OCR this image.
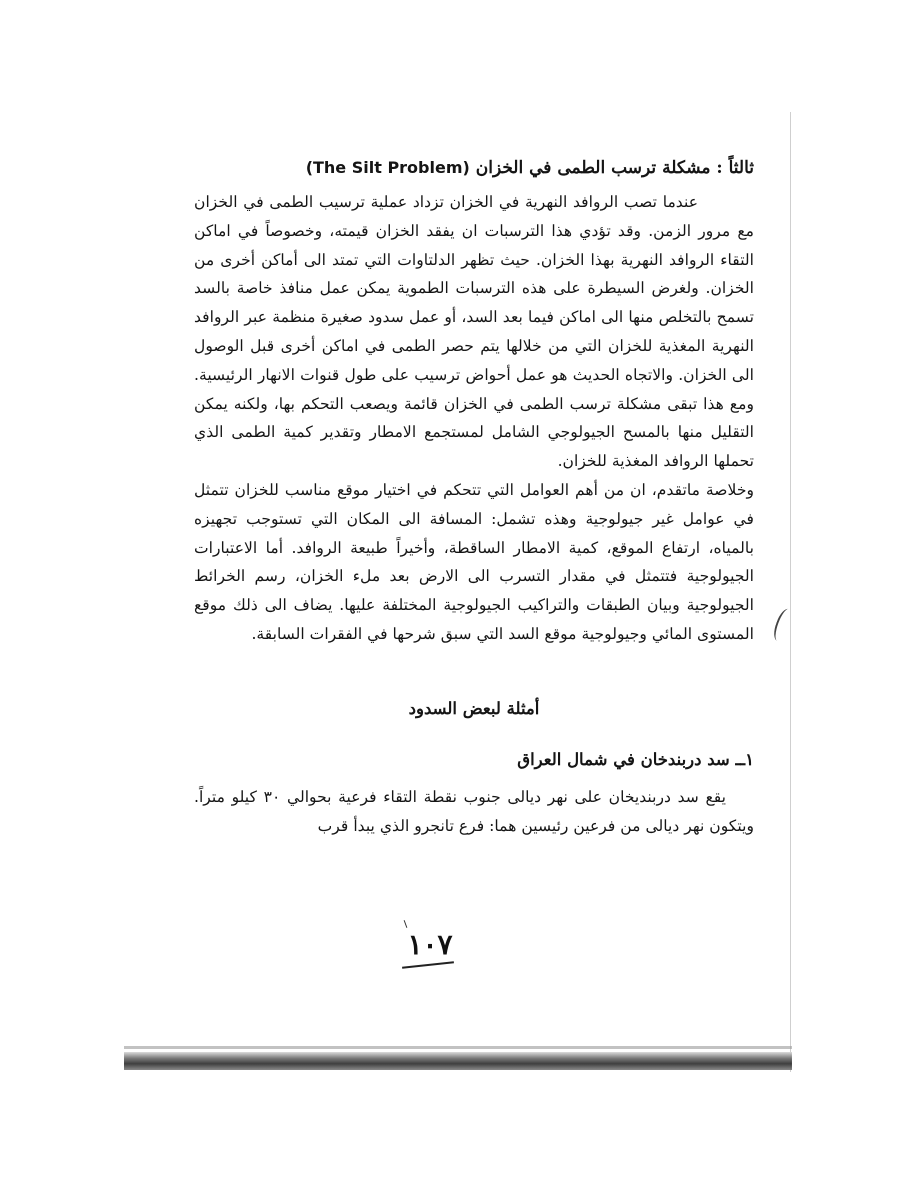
ثالثاً : مشكلة ترسب الطمى في الخزان (The Silt Problem)

عندما تصب الروافد النهرية في الخزان تزداد عملية ترسيب الطمى في الخزان مع مرور الزمن. وقد تؤدي هذا الترسبات ان يفقد الخزان قيمته، وخصوصاً في اماكن التقاء الروافد النهرية بهذا الخزان. حيث تظهر الدلتاوات التي تمتد الى أماكن أخرى من الخزان. ولغرض السيطرة على هذه الترسبات الطموية يمكن عمل منافذ خاصة بالسد تسمح بالتخلص منها الى اماكن فيما بعد السد، أو عمل سدود صغيرة منظمة عبر الروافد النهرية المغذية للخزان التي من خلالها يتم حصر الطمى في اماكن أخرى قبل الوصول الى الخزان. والاتجاه الحديث هو عمل أحواض ترسيب على طول قنوات الانهار الرئيسية. ومع هذا تبقى مشكلة ترسب الطمى في الخزان قائمة ويصعب التحكم بها، ولكنه يمكن التقليل منها بالمسح الجيولوجي الشامل لمستجمع الامطار وتقدير كمية الطمى الذي تحملها الروافد المغذية للخزان.

وخلاصة ماتقدم، ان من أهم العوامل التي تتحكم في اختيار موقع مناسب للخزان تتمثل في عوامل غير جيولوجية وهذه تشمل: المسافة الى المكان التي تستوجب تجهيزه بالمياه، ارتفاع الموقع، كمية الامطار الساقطة، وأخيراً طبيعة الروافد. أما الاعتبارات الجيولوجية فتتمثل في مقدار التسرب الى الارض بعد ملء الخزان، رسم الخرائط الجيولوجية وبيان الطبقات والتراكيب الجيولوجية المختلفة عليها. يضاف الى ذلك موقع المستوى المائي وجيولوجية موقع السد التي سبق شرحها في الفقرات السابقة.

أمثلة لبعض السدود
١ــ سد دربندخان في شمال العراق

يقع سد دربنديخان على نهر ديالى جنوب نقطة التقاء فرعية بحوالي ٣٠ كيلو متراً. ويتكون نهر ديالى من فرعين رئيسين هما: فرع تانجرو الذي يبدأ قرب

١٠٧
